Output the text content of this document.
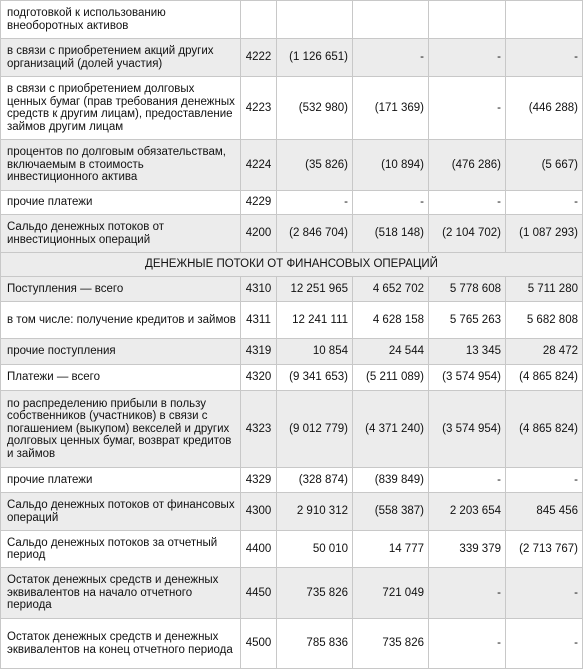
подготовкой к использованию внеоборотных активов					
в связи с приобретением акций других организаций (долей участия)	4222	(1 126 651)	-	-	-
в связи с приобретением долговых ценных бумаг (прав требования денежных средств к другим лицам), предоставление займов другим лицам	4223	(532 980)	(171 369)	-	(446 288)
процентов по долговым обязательствам, включаемым в стоимость инвестиционного актива	4224	(35 826)	(10 894)	(476 286)	(5 667)
прочие платежи	4229	-	-	-	-
Сальдо денежных потоков от инвестиционных операций	4200	(2 846 704)	(518 148)	(2 104 702)	(1 087 293)
ДЕНЕЖНЫЕ ПОТОКИ ОТ ФИНАНСОВЫХ ОПЕРАЦИЙ					
Поступления — всего	4310	12 251 965	4 652 702	5 778 608	5 711 280
в том числе: получение кредитов и займов	4311	12 241 111	4 628 158	5 765 263	5 682 808
прочие поступления	4319	10 854	24 544	13 345	28 472
Платежи — всего	4320	(9 341 653)	(5 211 089)	(3 574 954)	(4 865 824)
по распределению прибыли в пользу собственников (участников) в связи с погашением (выкупом) векселей и других долговых ценных бумаг, возврат кредитов и займов	4323	(9 012 779)	(4 371 240)	(3 574 954)	(4 865 824)
прочие платежи	4329	(328 874)	(839 849)	-	-
Сальдо денежных потоков от финансовых операций	4300	2 910 312	(558 387)	2 203 654	845 456
Сальдо денежных потоков за отчетный период	4400	50 010	14 777	339 379	(2 713 767)
Остаток денежных средств и денежных эквивалентов на начало отчетного периода	4450	735 826	721 049	-	-
Остаток денежных средств и денежных эквивалентов на конец отчетного периода	4500	785 836	735 826	-	-
